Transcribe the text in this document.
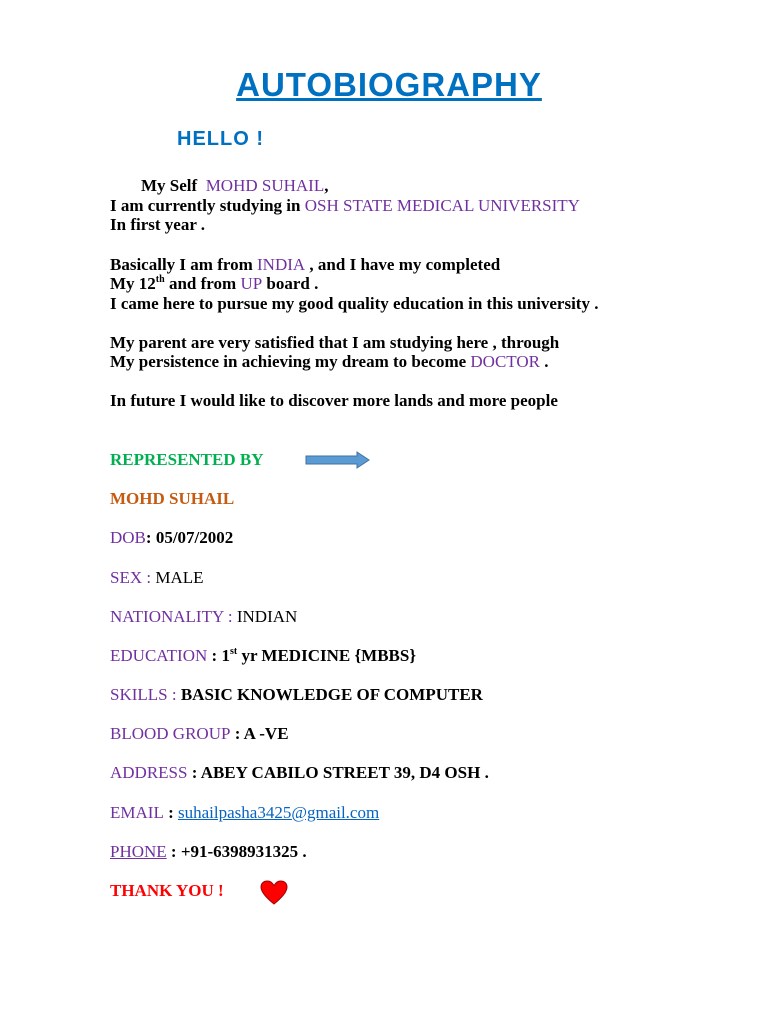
AUTOBIOGRAPHY
HELLO !
My Self MOHD SUHAIL,
I am currently studying in OSH STATE MEDICAL UNIVERSITY
In first year .
Basically I am from INDIA , and I have my completed
My 12th and from UP board .
I came here to pursue my good quality education in this university .
My parent are very satisfied that I am studying here , through
My persistence in achieving my dream to become DOCTOR .
In future I would like to discover more lands and more people
REPRESENTED BY
MOHD SUHAIL
DOB: 05/07/2002
SEX : MALE
NATIONALITY : INDIAN
EDUCATION : 1st yr MEDICINE {MBBS}
SKILLS : BASIC KNOWLEDGE OF COMPUTER
BLOOD GROUP : A -VE
ADDRESS : ABEY CABILO STREET 39, D4 OSH .
EMAIL : suhailpasha3425@gmail.com
PHONE : +91-6398931325 .
THANK YOU !
